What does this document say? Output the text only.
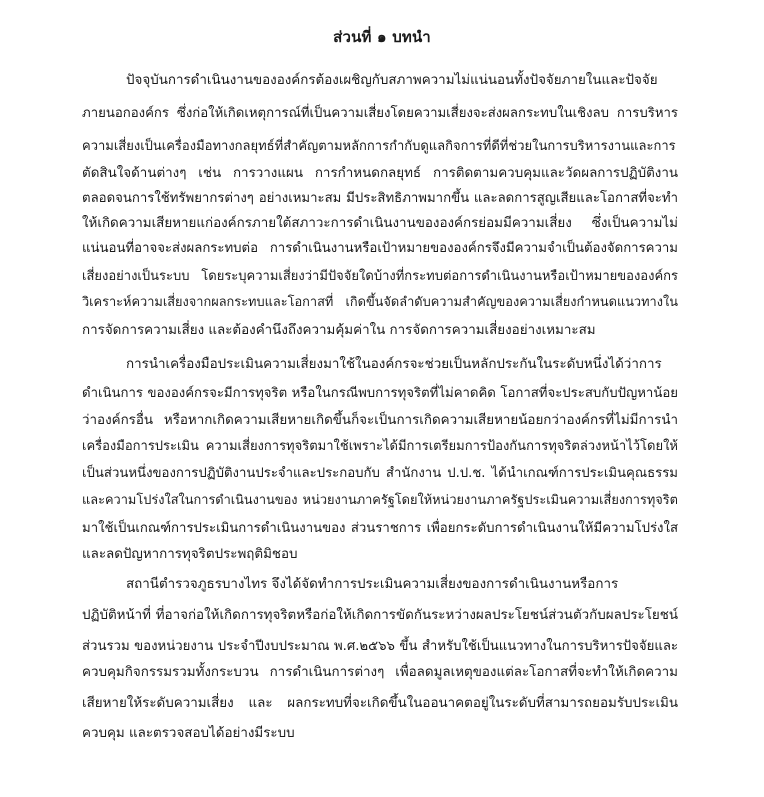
ส่วนที่ ๑ บทนำ
ปัจจุบันการดำเนินงานขององค์กรต้องเผชิญกับสภาพความไม่แน่นอนทั้งปัจจัยภายในและปัจจัย
ภายนอกองค์กร ซึ่งก่อให้เกิดเหตุการณ์ที่เป็นความเสี่ยงโดยความเสี่ยงจะส่งผลกระทบในเชิงลบ การบริหาร
ความเสี่ยงเป็นเครื่องมือทางกลยุทธ์ที่สำคัญตามหลักการกำกับดูแลกิจการที่ดีที่ช่วยในการบริหารงานและการ
ตัดสินใจด้านต่างๆ เช่น การวางแผน การกำหนดกลยุทธ์ การติดตามควบคุมและวัดผลการปฏิบัติงาน
ตลอดจนการใช้ทรัพยากรต่างๆ อย่างเหมาะสม มีประสิทธิภาพมากขึ้น และลดการสูญเสียและโอกาสที่จะทำ
ให้เกิดความเสียหายแก่องค์กรภายใต้สภาวะการดำเนินงานขององค์กรย่อมมีความเสี่ยง ซึ่งเป็นความไม่
แน่นอนที่อาจจะส่งผลกระทบต่อ การดำเนินงานหรือเป้าหมายขององค์กรจึงมีความจำเป็นต้องจัดการความ
เสี่ยงอย่างเป็นระบบ โดยระบุความเสี่ยงว่ามีปัจจัยใดบ้างที่กระทบต่อการดำเนินงานหรือเป้าหมายขององค์กร
วิเคราะห์ความเสี่ยงจากผลกระทบและโอกาสที่ เกิดขึ้นจัดลำดับความสำคัญของความเสี่ยงกำหนดแนวทางใน
การจัดการความเสี่ยง และต้องคำนึงถึงความคุ้มค่าใน การจัดการความเสี่ยงอย่างเหมาะสม
การนำเครื่องมือประเมินความเสี่ยงมาใช้ในองค์กรจะช่วยเป็นหลักประกันในระดับหนึ่งได้ว่าการ
ดำเนินการ ขององค์กรจะมีการทุจริต หรือในกรณีพบการทุจริตที่ไม่คาดคิด โอกาสที่จะประสบกับปัญหาน้อย
ว่าองค์กรอื่น หรือหากเกิดความเสียหายเกิดขึ้นก็จะเป็นการเกิดความเสียหายน้อยกว่าองค์กรที่ไม่มีการนำ
เครื่องมือการประเมิน ความเสี่ยงการทุจริตมาใช้เพราะได้มีการเตรียมการป้องกันการทุจริตล่วงหน้าไว้โดยให้
เป็นส่วนหนึ่งของการปฏิบัติงานประจำและประกอบกับ สำนักงาน ป.ป.ช. ได้นำเกณฑ์การประเมินคุณธรรม
และความโปร่งใสในการดำเนินงานของ หน่วยงานภาครัฐโดยให้หน่วยงานภาครัฐประเมินความเสี่ยงการทุจริต
มาใช้เป็นเกณฑ์การประเมินการดำเนินงานของ ส่วนราชการ เพื่อยกระดับการดำเนินงานให้มีความโปร่งใส
และลดปัญหาการทุจริตประพฤติมิชอบ
สถานีตำรวจภูธรบางไทร จึงได้จัดทำการประเมินความเสี่ยงของการดำเนินงานหรือการ
ปฏิบัติหน้าที่ ที่อาจก่อให้เกิดการทุจริตหรือก่อให้เกิดการขัดกันระหว่างผลประโยชน์ส่วนตัวกับผลประโยชน์
ส่วนรวม ของหน่วยงาน ประจำปีงบประมาณ พ.ศ.๒๕๖๖ ขึ้น สำหรับใช้เป็นแนวทางในการบริหารปัจจัยและ
ควบคุมกิจกรรมรวมทั้งกระบวน การดำเนินการต่างๆ เพื่อลดมูลเหตุของแต่ละโอกาสที่จะทำให้เกิดความ
เสียหายให้ระดับความเสี่ยง และ ผลกระทบที่จะเกิดขึ้นในออนาคตอยู่ในระดับที่สามารถยอมรับประเมิน
ควบคุม และตรวจสอบได้อย่างมีระบบ
